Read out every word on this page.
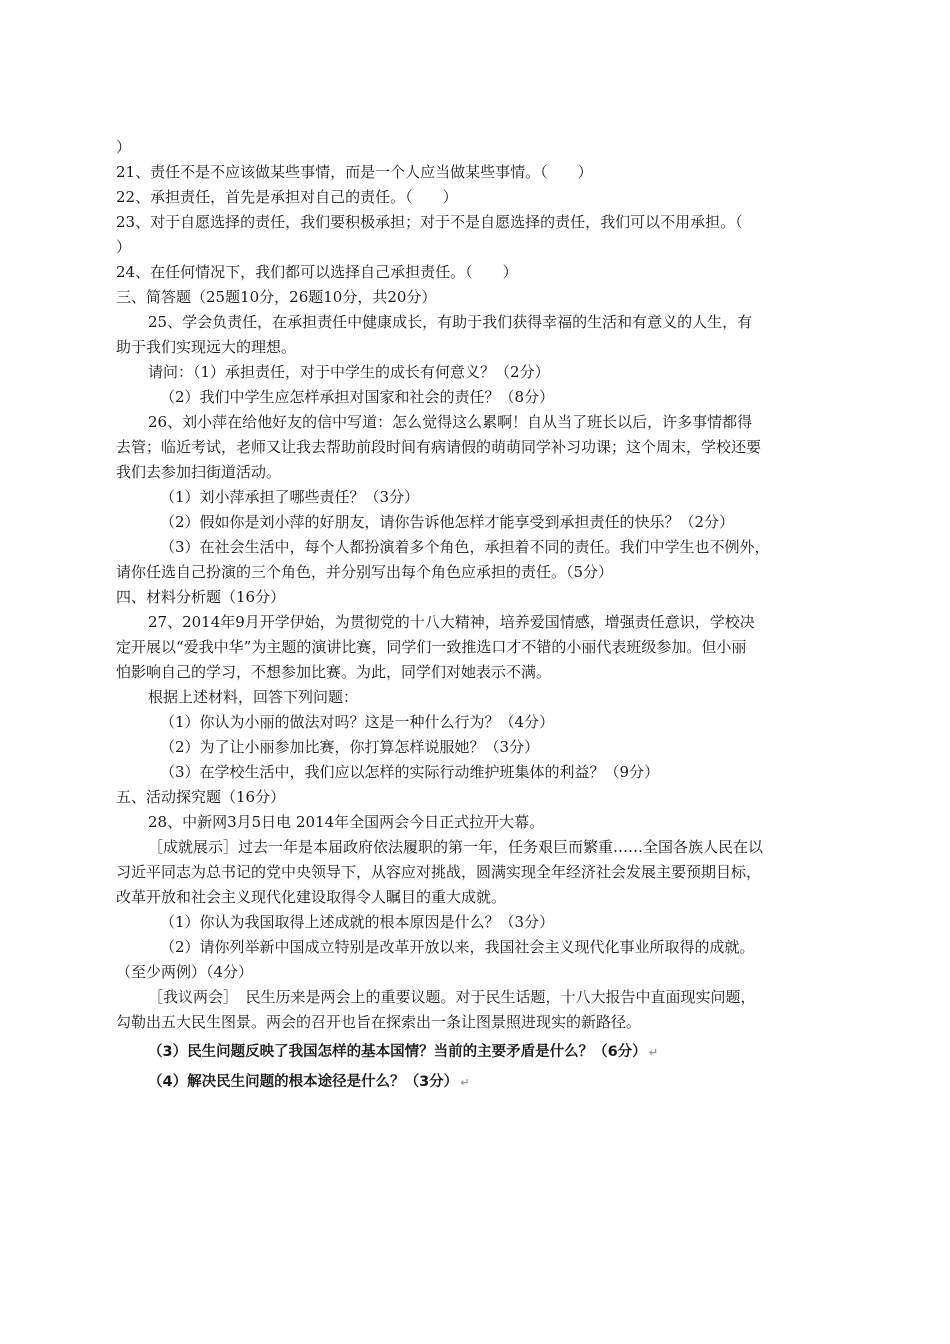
）
21、责任不是不应该做某些事情，而是一个人应当做某些事情。（　　）
22、承担责任，首先是承担对自己的责任。（　　）
23、对于自愿选择的责任，我们要积极承担；对于不是自愿选择的责任，我们可以不用承担。（
）
24、在任何情况下，我们都可以选择自己承担责任。（　　）
三、简答题（25题10分，26题10分，共20分）
25、学会负责任，在承担责任中健康成长，有助于我们获得幸福的生活和有意义的人生，有
助于我们实现远大的理想。
请问：（1）承担责任，对于中学生的成长有何意义？（2分）
（2）我们中学生应怎样承担对国家和社会的责任？（8分）
26、刘小萍在给他好友的信中写道：怎么觉得这么累啊！自从当了班长以后，许多事情都得
去管；临近考试，老师又让我去帮助前段时间有病请假的萌萌同学补习功课；这个周末，学校还要
我们去参加扫街道活动。
（1）刘小萍承担了哪些责任？（3分）
（2）假如你是刘小萍的好朋友，请你告诉他怎样才能享受到承担责任的快乐？（2分）
（3）在社会生活中，每个人都扮演着多个角色，承担着不同的责任。我们中学生也不例外，
请你任选自己扮演的三个角色，并分别写出每个角色应承担的责任。（5分）
四、材料分析题（16分）
27、2014年9月开学伊始，为贯彻党的十八大精神，培养爱国情感，增强责任意识，学校决
定开展以“爱我中华”为主题的演讲比赛，同学们一致推选口才不错的小丽代表班级参加。但小丽
怕影响自己的学习，不想参加比赛。为此，同学们对她表示不满。
根据上述材料，回答下列问题：
（1）你认为小丽的做法对吗？这是一种什么行为？（4分）
（2）为了让小丽参加比赛，你打算怎样说服她？（3分）
（3）在学校生活中，我们应以怎样的实际行动维护班集体的利益？（9分）
五、活动探究题（16分）
28、中新网3月5日电 2014年全国两会今日正式拉开大幕。
［成就展示］过去一年是本届政府依法履职的第一年，任务艰巨而繁重……全国各族人民在以
习近平同志为总书记的党中央领导下，从容应对挑战，圆满实现全年经济社会发展主要预期目标，
改革开放和社会主义现代化建设取得令人瞩目的重大成就。
（1）你认为我国取得上述成就的根本原因是什么？（3分）
（2）请你列举新中国成立特别是改革开放以来，我国社会主义现代化事业所取得的成就。
（至少两例）（4分）
［我议两会］　民生历来是两会上的重要议题。对于民生话题，十八大报告中直面现实问题，
勾勒出五大民生图景。两会的召开也旨在探索出一条让图景照进现实的新路径。
（3）民生问题反映了我国怎样的基本国情？当前的主要矛盾是什么？（6分） ↵
（4）解决民生问题的根本途径是什么？（3分） ↵
